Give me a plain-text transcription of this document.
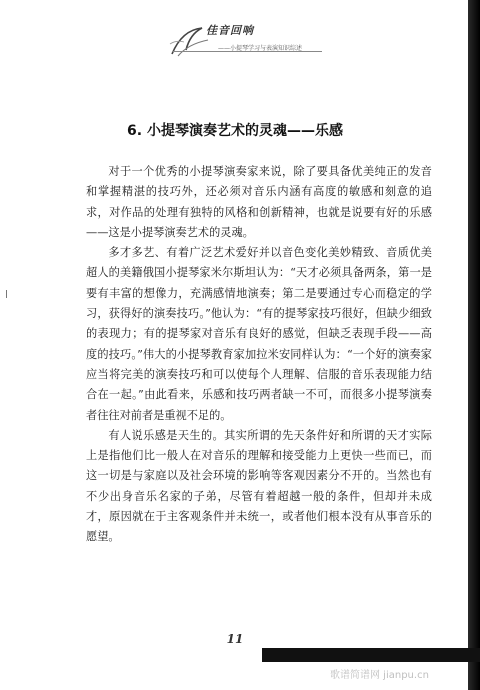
佳音回响
——小提琴学习与表演知识综述
6. 小提琴演奏艺术的灵魂——乐感

对于一个优秀的小提琴演奏家来说，除了要具备优美纯正的发音和掌握精湛的技巧外，还必须对音乐内涵有高度的敏感和刻意的追求，对作品的处理有独特的风格和创新精神，也就是说要有好的乐感——这是小提琴演奏艺术的灵魂。

多才多艺、有着广泛艺术爱好并以音色变化美妙精致、音质优美超人的美籍俄国小提琴家米尔斯坦认为：“天才必须具备两条，第一是要有丰富的想像力，充满感情地演奏；第二是要通过专心而稳定的学习，获得好的演奏技巧。”他认为：“有的提琴家技巧很好，但缺少细致的表现力；有的提琴家对音乐有良好的感觉，但缺乏表现手段——高度的技巧。”伟大的小提琴教育家加拉米安同样认为：“一个好的演奏家应当将完美的演奏技巧和可以使每个人理解、信服的音乐表现能力结合在一起。”由此看来，乐感和技巧两者缺一不可，而很多小提琴演奏者往往对前者是重视不足的。

有人说乐感是天生的。其实所谓的先天条件好和所谓的天才实际上是指他们比一般人在对音乐的理解和接受能力上更快一些而已，而这一切是与家庭以及社会环境的影响等客观因素分不开的。当然也有不少出身音乐名家的子弟，尽管有着超越一般的条件，但却并未成才，原因就在于主客观条件并未统一，或者他们根本没有从事音乐的愿望。

11
歌谱简谱网 jianpu.cn
